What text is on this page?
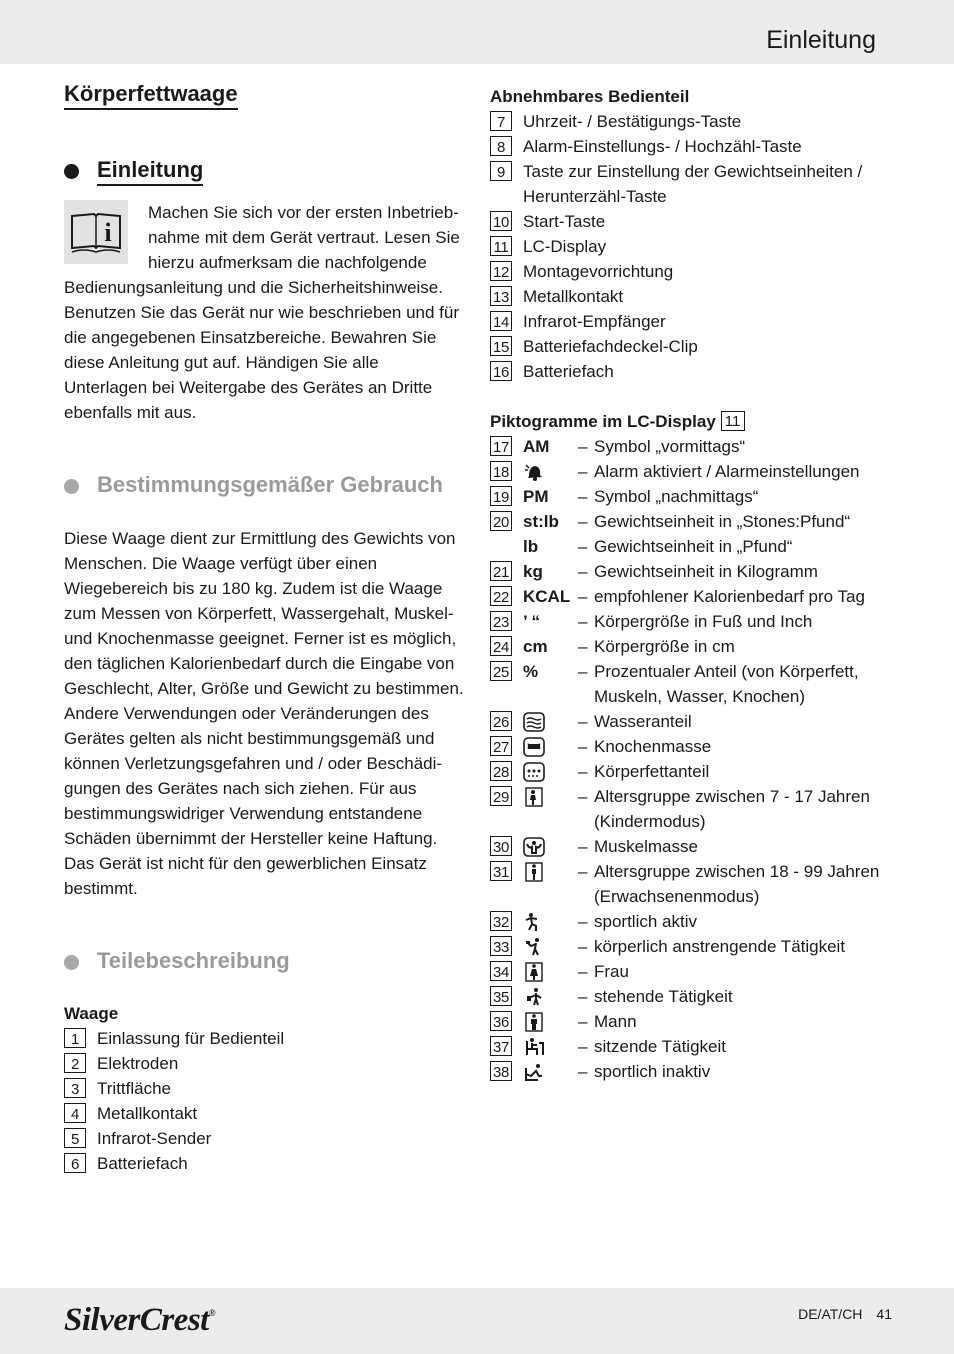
Einleitung
Körperfettwaage
Einleitung
i

Machen Sie sich vor der ersten Inbetrieb-nahme mit dem Gerät vertraut. Lesen Sie hierzu aufmerksam die nachfolgende Bedienungsanleitung und die Sicherheitshinweise. Benutzen Sie das Gerät nur wie beschrieben und für die angegebenen Einsatzbereiche. Bewahren Sie diese Anleitung gut auf. Händigen Sie alle Unterlagen bei Weitergabe des Gerätes an Dritte ebenfalls mit aus.

Bestimmungsgemäßer Gebrauch

Diese Waage dient zur Ermittlung des Gewichts von Menschen. Die Waage verfügt über einen Wiegebereich bis zu 180 kg. Zudem ist die Waage zum Messen von Körperfett, Wassergehalt, Muskel- und Knochenmasse geeignet. Ferner ist es möglich, den täglichen Kalorienbedarf durch die Eingabe von Geschlecht, Alter, Größe und Gewicht zu bestimmen. Andere Verwendungen oder Veränderungen des Gerätes gelten als nicht bestimmungsgemäß und können Verletzungsgefahren und / oder Beschädi-gungen des Gerätes nach sich ziehen. Für aus bestimmungswidriger Verwendung entstandene Schäden übernimmt der Hersteller keine Haftung. Das Gerät ist nicht für den gewerblichen Einsatz bestimmt.

Teilebeschreibung
Waage
1	Einlassung für Bedienteil
2	Elektroden
3	Trittfläche
4	Metallkontakt
5	Infrarot-Sender
6	Batteriefach
Abnehmbares Bedienteil
7	Uhrzeit- / Bestätigungs-Taste
8	Alarm-Einstellungs- / Hochzähl-Taste
9	Taste zur Einstellung der Gewichtseinheiten /
Herunterzähl-Taste
10 Start-Taste
11 LC-Display
12 Montagevorrichtung
13 Metallkontakt
14 Infrarot-Empfänger
15 Batteriefachdeckel-Clip
16 Batteriefach
Piktogramme im LC-Display 11
17 AM	– Symbol „vormittags“
18	– Alarm aktiviert / Alarmeinstellungen
19 PM	– Symbol „nachmittags“
20 st:lb	– Gewichtseinheit in „Stones:Pfund“
lb	– Gewichtseinheit in „Pfund“
21 kg	– Gewichtseinheit in Kilogramm
22 KCAL – empfohlener Kalorienbedarf pro Tag
23 ’ “	– Körpergröße in Fuß und Inch
24 cm	– Körpergröße in cm
25 %	– Prozentualer Anteil (von Körperfett, Muskeln, Wasser, Knochen)
26	– Wasseranteil
27	– Knochenmasse
28	– Körperfettanteil
29	– Altersgruppe zwischen 7 - 17 Jahren (Kindermodus)
30	– Muskelmasse
31	– Altersgruppe zwischen 18 - 99 Jahren (Erwachsenenmodus)
32	– sportlich aktiv
33	– körperlich anstrengende Tätigkeit
34	– Frau
35	– stehende Tätigkeit
36	– Mann
37	– sitzende Tätigkeit
38	– sportlich inaktiv
SilverCrest®	DE/AT/CH 41
